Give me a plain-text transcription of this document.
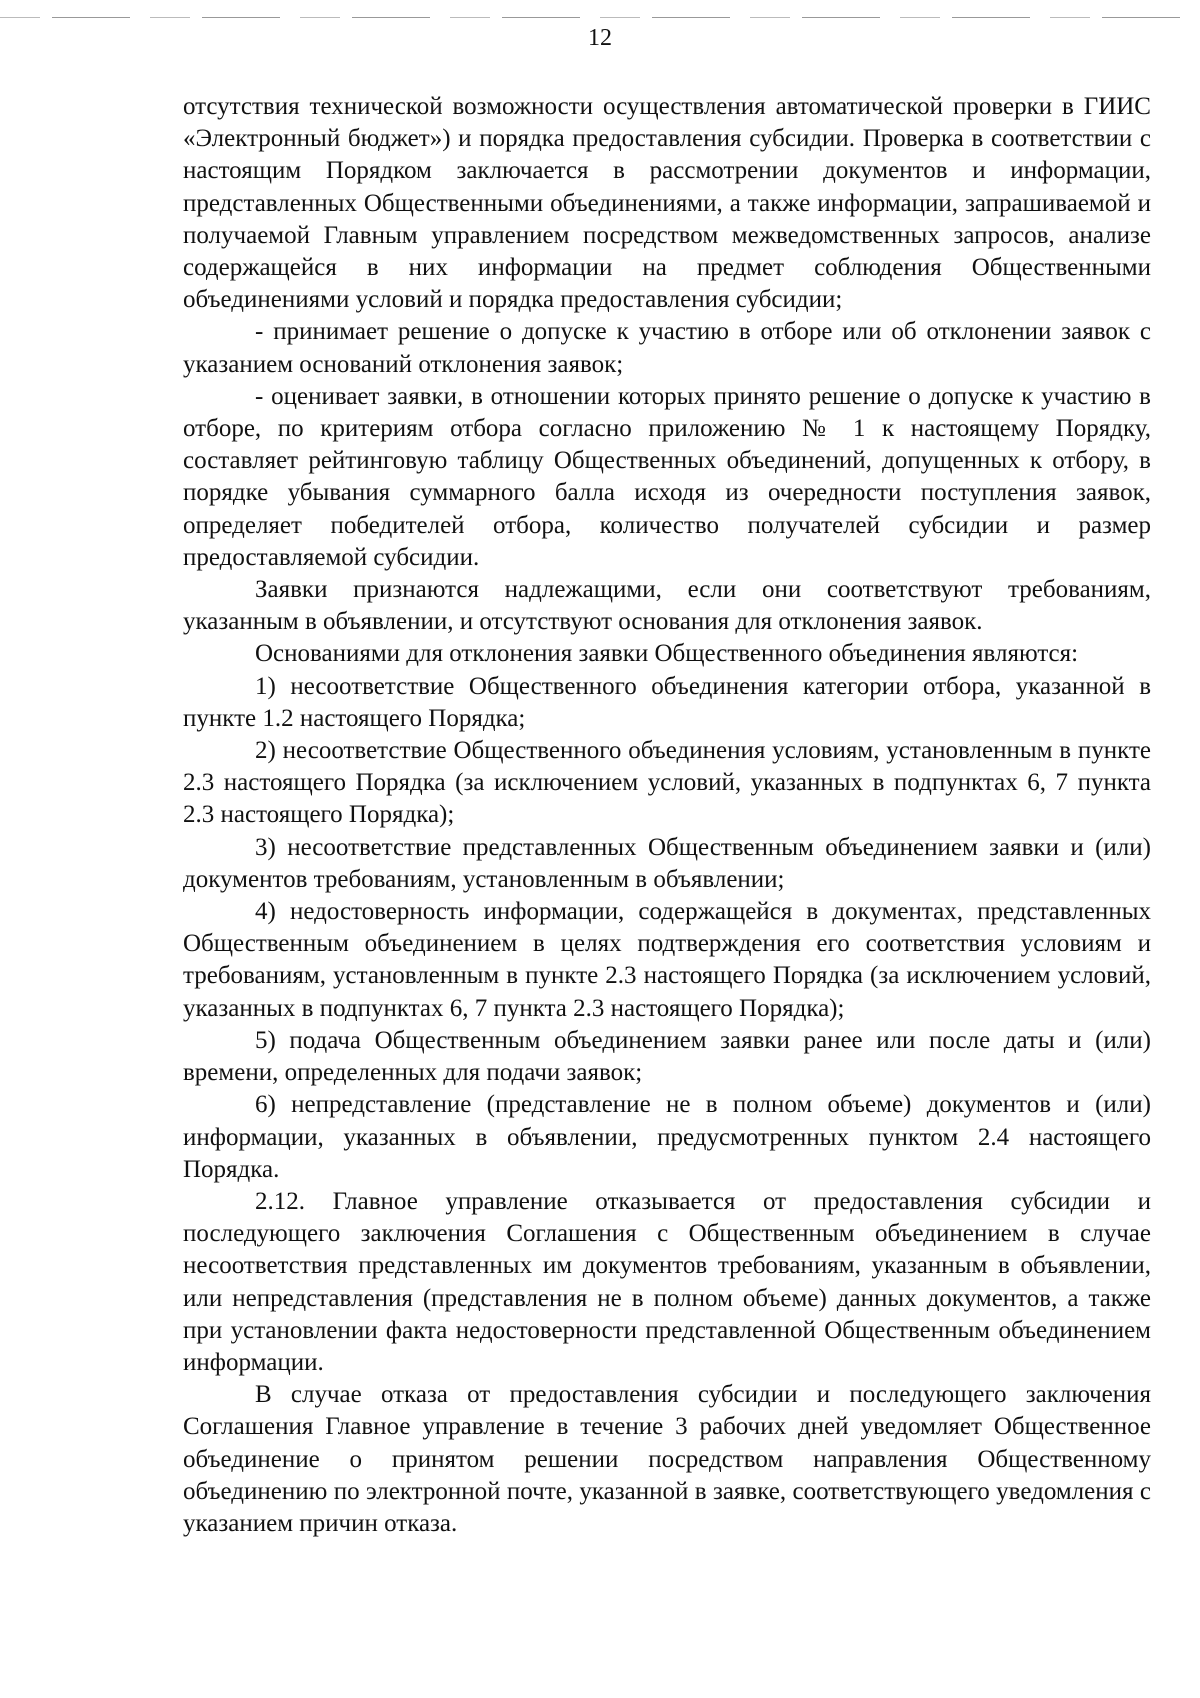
12

отсутствия технической возможности осуществления автоматической проверки в ГИИС «Электронный бюджет») и порядка предоставления субсидии. Проверка в соответствии с настоящим Порядком заключается в рассмотрении документов и информации, представленных Общественными объединениями, а также информации, запрашиваемой и получаемой Главным управлением посредством межведомственных запросов, анализе содержащейся в них информации на предмет соблюдения Общественными объединениями условий и порядка предоставления субсидии;

- принимает решение о допуске к участию в отборе или об отклонении заявок с указанием оснований отклонения заявок;

- оценивает заявки, в отношении которых принято решение о допуске к участию в отборе, по критериям отбора согласно приложению № 1 к настоящему Порядку, составляет рейтинговую таблицу Общественных объединений, допущенных к отбору, в порядке убывания суммарного балла исходя из очередности поступления заявок, определяет победителей отбора, количество получателей субсидии и размер предоставляемой субсидии.

Заявки признаются надлежащими, если они соответствуют требованиям, указанным в объявлении, и отсутствуют основания для отклонения заявок.

Основаниями для отклонения заявки Общественного объединения являются:

1) несоответствие Общественного объединения категории отбора, указанной в пункте 1.2 настоящего Порядка;

2) несоответствие Общественного объединения условиям, установленным в пункте 2.3 настоящего Порядка (за исключением условий, указанных в подпунктах 6, 7 пункта 2.3 настоящего Порядка);

3) несоответствие представленных Общественным объединением заявки и (или) документов требованиям, установленным в объявлении;

4) недостоверность информации, содержащейся в документах, представленных Общественным объединением в целях подтверждения его соответствия условиям и требованиям, установленным в пункте 2.3 настоящего Порядка (за исключением условий, указанных в подпунктах 6, 7 пункта 2.3 настоящего Порядка);

5) подача Общественным объединением заявки ранее или после даты и (или) времени, определенных для подачи заявок;

6) непредставление (представление не в полном объеме) документов и (или) информации, указанных в объявлении, предусмотренных пунктом 2.4 настоящего Порядка.

2.12. Главное управление отказывается от предоставления субсидии и последующего заключения Соглашения с Общественным объединением в случае несоответствия представленных им документов требованиям, указанным в объявлении, или непредставления (представления не в полном объеме) данных документов, а также при установлении факта недостоверности представленной Общественным объединением информации.

В случае отказа от предоставления субсидии и последующего заключения Соглашения Главное управление в течение 3 рабочих дней уведомляет Общественное объединение о принятом решении посредством направления Общественному объединению по электронной почте, указанной в заявке, соответствующего уведомления с указанием причин отказа.
